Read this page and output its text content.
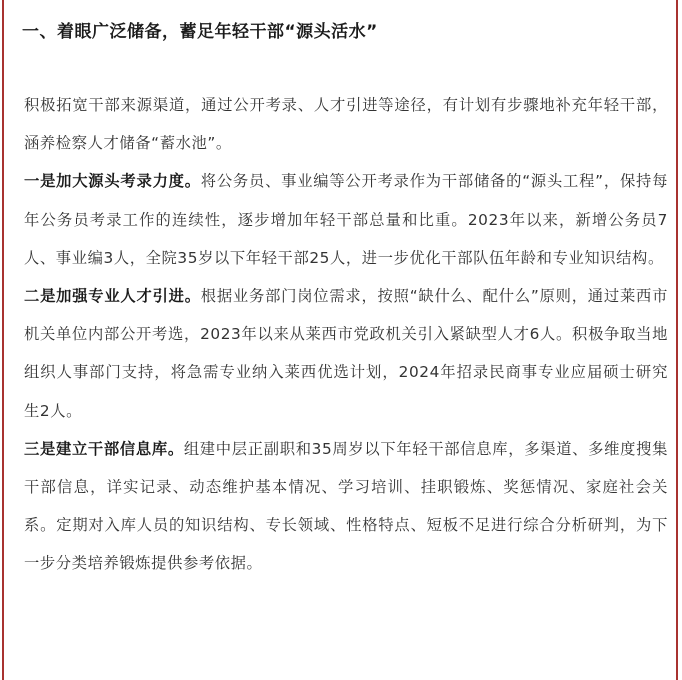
一、着眼广泛储备，蓄足年轻干部“源头活水”

积极拓宽干部来源渠道，通过公开考录、人才引进等途径，有计划有步骤地补充年轻干部，涵养检察人才储备“蓄水池”。

一是加大源头考录力度。将公务员、事业编等公开考录作为干部储备的“源头工程”，保持每年公务员考录工作的连续性，逐步增加年轻干部总量和比重。2023年以来，新增公务员7人、事业编3人，全院35岁以下年轻干部25人，进一步优化干部队伍年龄和专业知识结构。

二是加强专业人才引进。根据业务部门岗位需求，按照“缺什么、配什么”原则，通过莱西市机关单位内部公开考选，2023年以来从莱西市党政机关引入紧缺型人才6人。积极争取当地组织人事部门支持，将急需专业纳入莱西优选计划，2024年招录民商事专业应届硕士研究生2人。

三是建立干部信息库。组建中层正副职和35周岁以下年轻干部信息库，多渠道、多维度搜集干部信息，详实记录、动态维护基本情况、学习培训、挂职锻炼、奖惩情况、家庭社会关系。定期对入库人员的知识结构、专长领域、性格特点、短板不足进行综合分析研判，为下一步分类培养锻炼提供参考依据。
